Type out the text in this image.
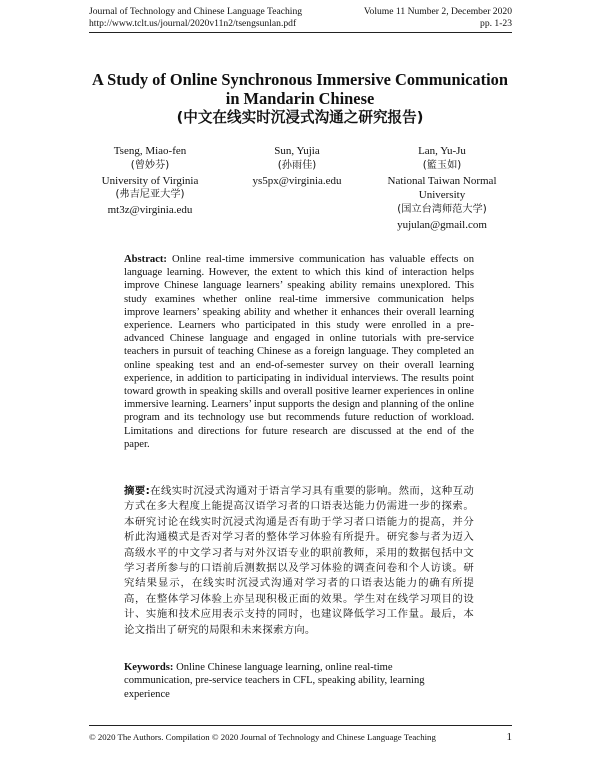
Journal of Technology and Chinese Language Teaching	Volume 11 Number 2, December 2020
http://www.tclt.us/journal/2020v11n2/tsengsunlan.pdf	pp. 1-23
A Study of Online Synchronous Immersive Communication
in Mandarin Chinese
(中文在线实时沉浸式沟通之研究报告)
Tseng, Miao-fen
(曾妙芬)
University of Virginia
(弗吉尼亚大学)
mt3z@virginia.edu
Sun, Yujia
(孙雨佳)
ys5px@virginia.edu
Lan, Yu-Ju
(籃玉如)
National Taiwan Normal
University
(国立台湾师范大学)
yujulan@gmail.com
Abstract: Online real-time immersive communication has valuable effects on language learning. However, the extent to which this kind of interaction helps improve Chinese language learners’ speaking ability remains unexplored. This study examines whether online real-time immersive communication helps improve learners’ speaking ability and whether it enhances their overall learning experience. Learners who participated in this study were enrolled in a pre-advanced Chinese language and engaged in online tutorials with pre-service teachers in pursuit of teaching Chinese as a foreign language. They completed an online speaking test and an end-of-semester survey on their overall learning experience, in addition to participating in individual interviews. The results point toward growth in speaking skills and overall positive learner experiences in online immersive learning. Learners’ input supports the design and planning of the online program and its technology use but recommends future reduction of workload. Limitations and directions for future research are discussed at the end of the paper.
摘要:在线实时沉浸式沟通对于语言学习具有重要的影响。然而，这种互动方式在多大程度上能提高汉语学习者的口语表达能力仍需进一步的探索。本研究讨论在线实时沉浸式沟通是否有助于学习者口语能力的提高，并分析此沟通模式是否对学习者的整体学习体验有所提升。研究参与者为迈入高级水平的中文学习者与对外汉语专业的职前教师，采用的数据包括中文学习者所参与的口语前后测数据以及学习体验的调查问卷和个人访谈。研究结果显示，在线实时沉浸式沟通对学习者的口语表达能力的确有所提高，在整体学习体验上亦呈现积极正面的效果。学生对在线学习项目的设计、实施和技术应用表示支持的同时，也建议降低学习工作量。最后，本论文指出了研究的局限和未来探索方向。
Keywords: Online Chinese language learning, online real-time communication, pre-service teachers in CFL, speaking ability, learning experience
© 2020 The Authors. Compilation © 2020 Journal of Technology and Chinese Language Teaching	1
